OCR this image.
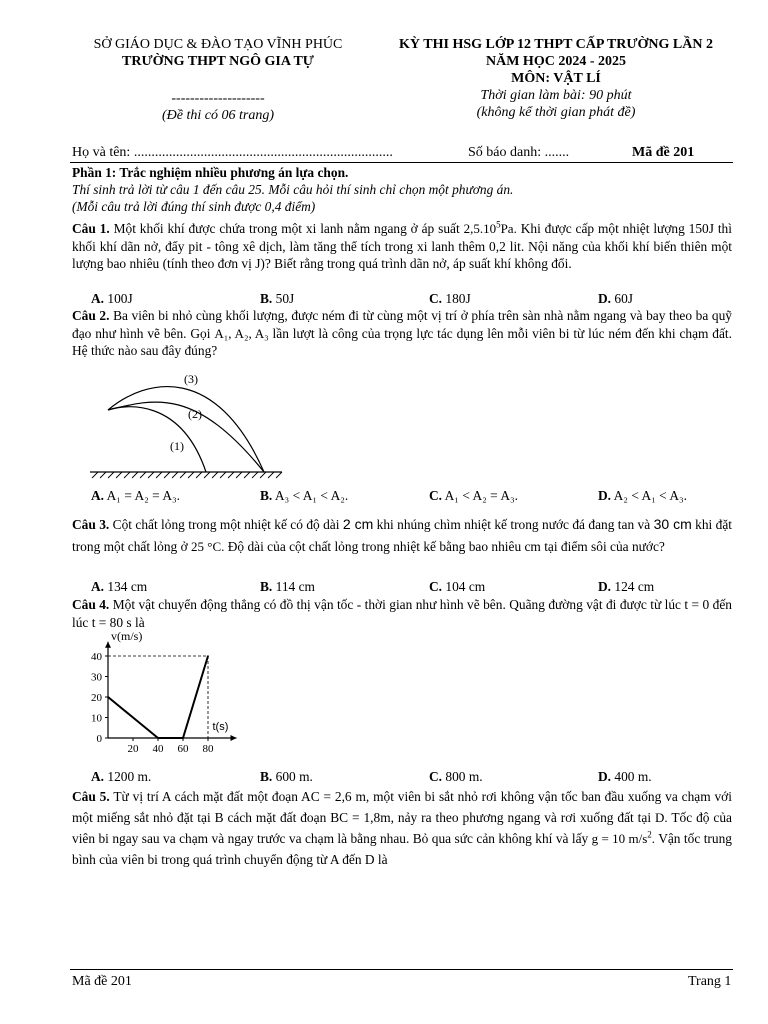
SỞ GIÁO DỤC & ĐÀO TẠO VĨNH PHÚC
TRƯỜNG THPT NGÔ GIA TỰ
--------------------
(Đề thi có 06 trang)
KỲ THI HSG LỚP 12 THPT CẤP TRƯỜNG LẦN 2
NĂM HỌC 2024 - 2025
MÔN: VẬT LÍ
Thời gian làm bài: 90 phút
(không kể thời gian phát đề)
Họ và tên: ..........................................................................	Số báo danh: .......	Mã đề 201
Phần 1: Trắc nghiệm nhiều phương án lựa chọn.
Thí sinh trả lời từ câu 1 đến câu 25. Mỗi câu hỏi thí sinh chỉ chọn một phương án.
(Mỗi câu trả lời đúng thí sinh được 0,4 điểm)
Câu 1. Một khối khí được chứa trong một xi lanh nằm ngang ở áp suất 2,5.10$^5$Pa. Khi được cấp một nhiệt lượng 150J thì khối khí dãn nở, đẩy pit - tông xê dịch, làm tăng thể tích trong xi lanh thêm 0,2 lit. Nội năng của khối khí biến thiên một lượng bao nhiêu (tính theo đơn vị J)? Biết rằng trong quá trình dãn nở, áp suất khí không đổi.
A. 100J	B. 50J	C. 180J	D. 60J
Câu 2. Ba viên bi nhỏ cùng khối lượng, được ném đi từ cùng một vị trí ở phía trên sàn nhà nằm ngang và bay theo ba quỹ đạo như hình vẽ bên. Gọi A₁, A₂, A₃ lần lượt là công của trọng lực tác dụng lên mỗi viên bi từ lúc ném đến khi chạm đất. Hệ thức nào sau đây đúng?
(3)
(2)
(1)
A. A₁ = A₂ = A₃.	B. A₃ < A₁ < A₂.	C. A₁ < A₂ = A₃.	D. A₂ < A₁ < A₃.
Câu 3. Cột chất lỏng trong một nhiệt kế có độ dài 2 cm khi nhúng chìm nhiệt kế trong nước đá đang tan và 30 cm khi đặt trong một chất lỏng ở 25 °C. Độ dài của cột chất lỏng trong nhiệt kế bằng bao nhiêu cm tại điểm sôi của nước?
A. 134 cm	B. 114 cm	C. 104 cm	D. 124 cm
Câu 4. Một vật chuyển động thẳng có đồ thị vận tốc - thời gian như hình vẽ bên. Quãng đường vật đi được từ lúc t = 0 đến lúc t = 80 s là
0
10
20
30
40
20 40 60 80
v(m/s)
t(s)
A. 1200 m.	B. 600 m.	C. 800 m.	D. 400 m.
Câu 5. Từ vị trí A cách mặt đất một đoạn AC = 2,6 m, một viên bi sắt nhỏ rơi không vận tốc ban đầu xuống va chạm với một miếng sắt nhỏ đặt tại B cách mặt đất đoạn BC = 1,8m, nảy ra theo phương ngang và rơi xuống đất tại D. Tốc độ của viên bi ngay sau va chạm và ngay trước va chạm là bằng nhau. Bỏ qua sức cản không khí và lấy g = 10 $m/s^2$. Vận tốc trung bình của viên bi trong quá trình chuyển động từ A đến D là
Mã đề 201	Trang 1
